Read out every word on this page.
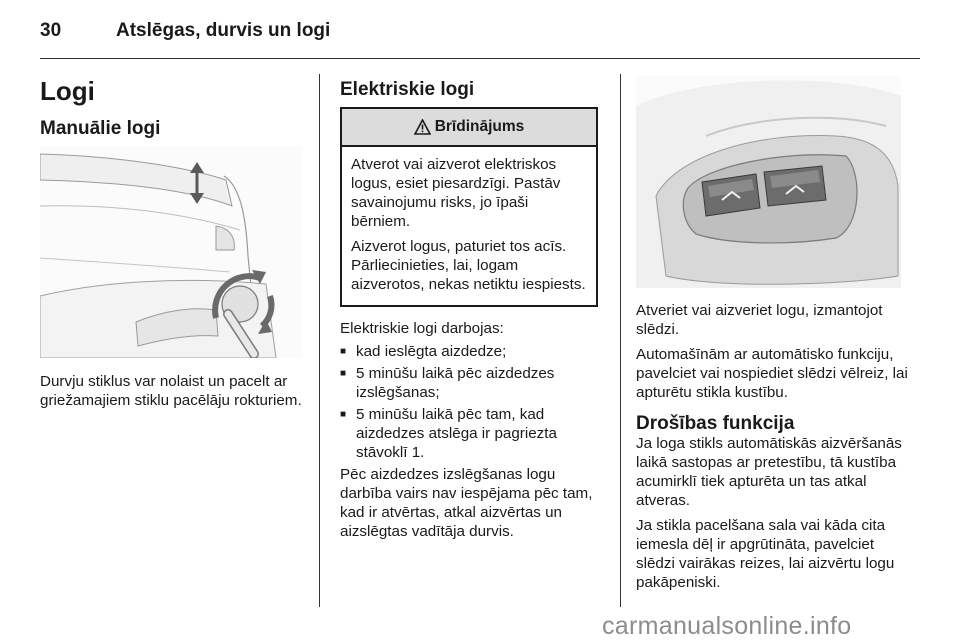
30	Atslēgas, durvis un logi
Logi
Manuālie logi

Durvju stiklus var nolaist un pacelt ar griežamajiem stiklu pacēlāju rokturiem.

Elektriskie logi
Brīdinājums

Atverot vai aizverot elektriskos logus, esiet piesardzīgi. Pastāv savainojumu risks, jo īpaši bērniem.

Aizverot logus, paturiet tos acīs. Pārliecinieties, lai, logam aizverotos, nekas netiktu iespiests.

Elektriskie logi darbojas:

■ kad ieslēgta aizdedze;
■ 5 minūšu laikā pēc aizdedzes izslēgšanas;
■ 5 minūšu laikā pēc tam, kad aizdedzes atslēga ir pagriezta stāvoklī 1.

Pēc aizdedzes izslēgšanas logu darbība vairs nav iespējama pēc tam, kad ir atvērtas, atkal aizvērtas un aizslēgtas vadītāja durvis.

Atveriet vai aizveriet logu, izmantojot slēdzi.

Automašīnām ar automātisko funkciju, pavelciet vai nospiediet slēdzi vēlreiz, lai apturētu stikla kustību.

Drošības funkcija

Ja loga stikls automātiskās aizvēršanās laikā sastopas ar pretestību, tā kustība acumirklī tiek apturēta un tas atkal atveras.

Ja stikla pacelšana sala vai kāda cita iemesla dēļ ir apgrūtināta, pavelciet slēdzi vairākas reizes, lai aizvērtu logu pakāpeniski.

carmanualsonline.info
